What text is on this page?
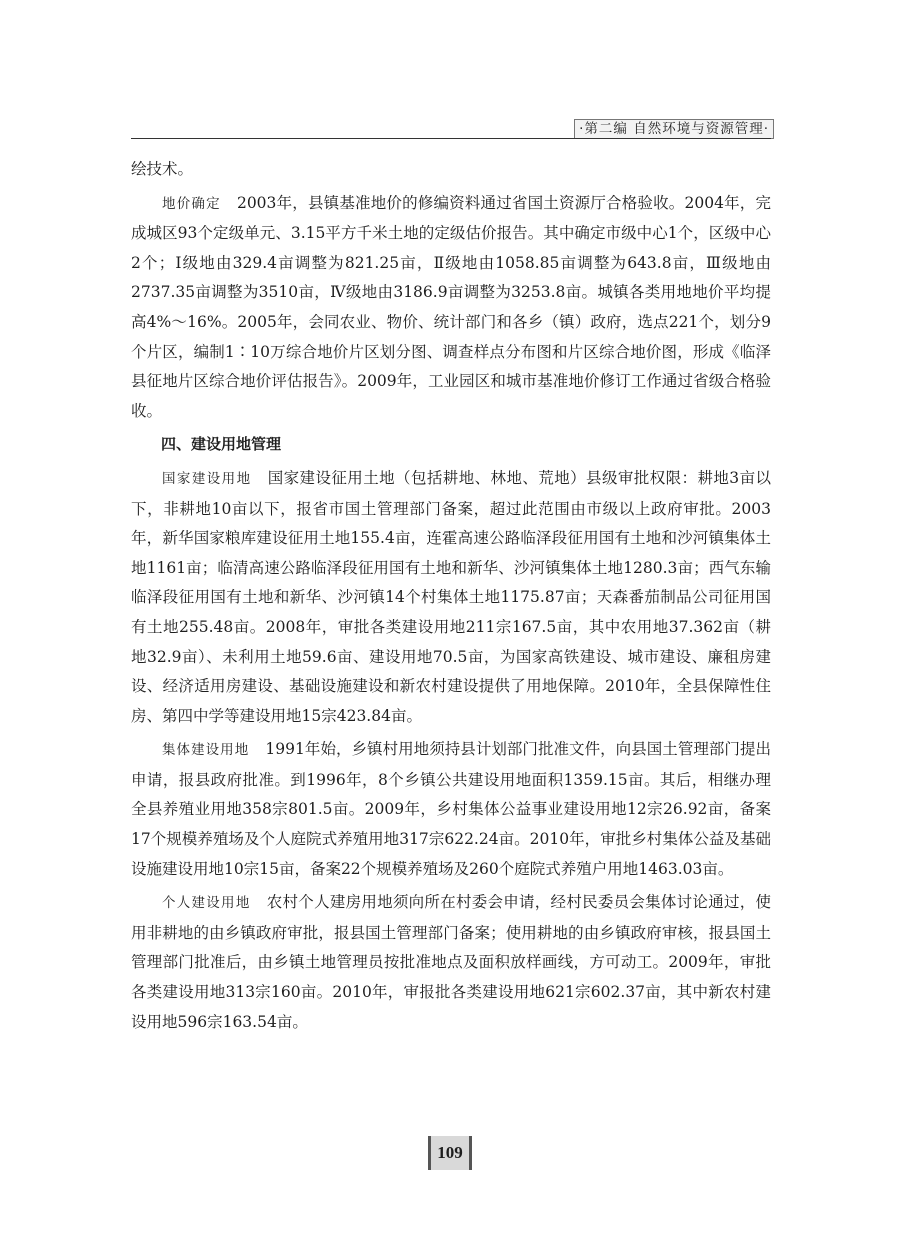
·第二编 自然环境与资源管理·

绘技术。

地价确定 2003年，县镇基准地价的修编资料通过省国土资源厅合格验收。2004年，完成城区93个定级单元、3.15平方千米土地的定级估价报告。其中确定市级中心1个，区级中心2个；Ⅰ级地由329.4亩调整为821.25亩，Ⅱ级地由1058.85亩调整为643.8亩，Ⅲ级地由2737.35亩调整为3510亩，Ⅳ级地由3186.9亩调整为3253.8亩。城镇各类用地地价平均提高4%～16%。2005年，会同农业、物价、统计部门和各乡（镇）政府，选点221个，划分9个片区，编制1∶10万综合地价片区划分图、调查样点分布图和片区综合地价图，形成《临泽县征地片区综合地价评估报告》。2009年，工业园区和城市基准地价修订工作通过省级合格验收。

四、建设用地管理

国家建设用地 国家建设征用土地（包括耕地、林地、荒地）县级审批权限：耕地3亩以下，非耕地10亩以下，报省市国土管理部门备案，超过此范围由市级以上政府审批。2003年，新华国家粮库建设征用土地155.4亩，连霍高速公路临泽段征用国有土地和沙河镇集体土地1161亩；临清高速公路临泽段征用国有土地和新华、沙河镇集体土地1280.3亩；西气东输临泽段征用国有土地和新华、沙河镇14个村集体土地1175.87亩；天森番茄制品公司征用国有土地255.48亩。2008年，审批各类建设用地211宗167.5亩，其中农用地37.362亩（耕地32.9亩）、未利用土地59.6亩、建设用地70.5亩，为国家高铁建设、城市建设、廉租房建设、经济适用房建设、基础设施建设和新农村建设提供了用地保障。2010年，全县保障性住房、第四中学等建设用地15宗423.84亩。

集体建设用地 1991年始，乡镇村用地须持县计划部门批准文件，向县国土管理部门提出申请，报县政府批准。到1996年，8个乡镇公共建设用地面积1359.15亩。其后，相继办理全县养殖业用地358宗801.5亩。2009年，乡村集体公益事业建设用地12宗26.92亩，备案17个规模养殖场及个人庭院式养殖用地317宗622.24亩。2010年，审批乡村集体公益及基础设施建设用地10宗15亩，备案22个规模养殖场及260个庭院式养殖户用地1463.03亩。

个人建设用地 农村个人建房用地须向所在村委会申请，经村民委员会集体讨论通过，使用非耕地的由乡镇政府审批，报县国土管理部门备案；使用耕地的由乡镇政府审核，报县国土管理部门批准后，由乡镇土地管理员按批准地点及面积放样画线，方可动工。2009年，审批各类建设用地313宗160亩。2010年，审报批各类建设用地621宗602.37亩，其中新农村建设用地596宗163.54亩。

109
